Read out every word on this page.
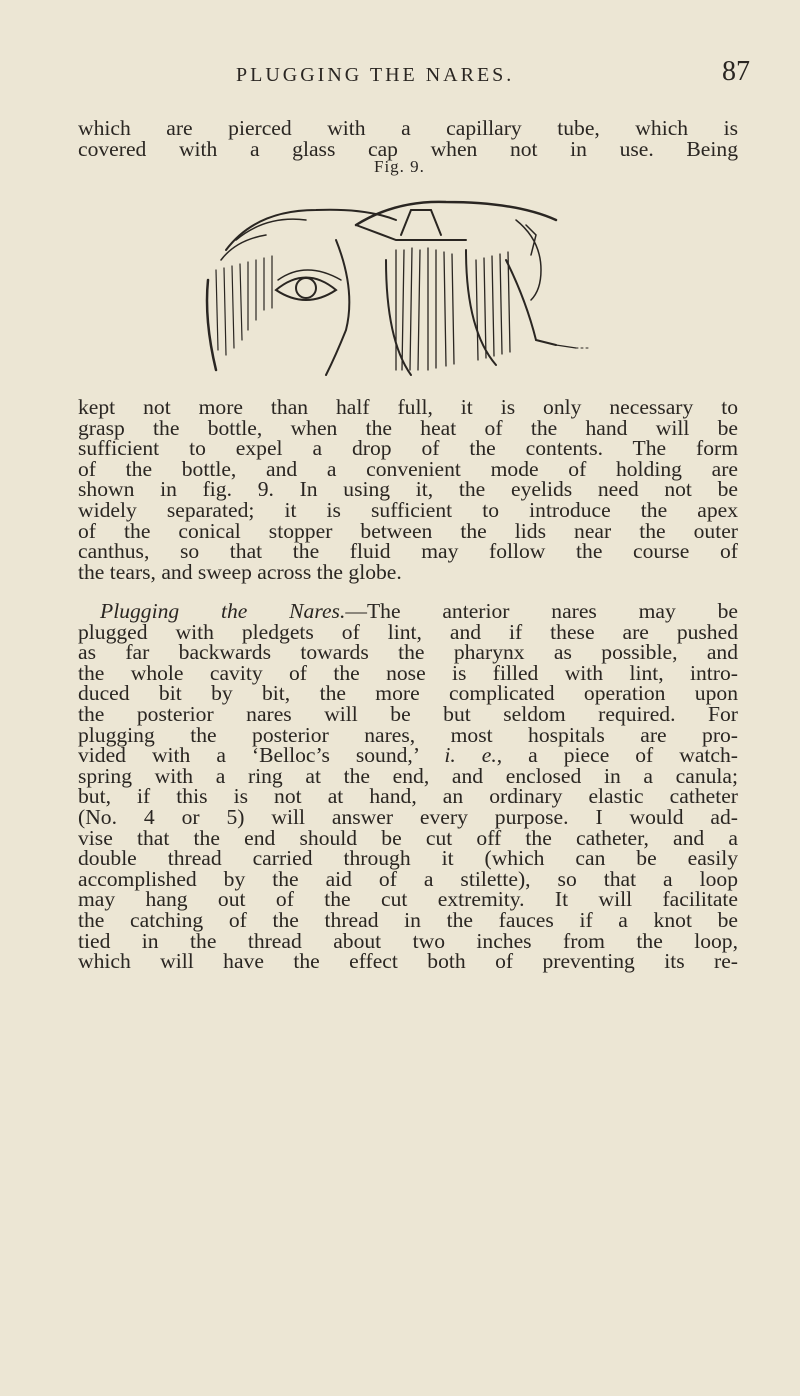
PLUGGING THE NARES.	87
which are pierced with a capillary tube, which is
covered with a glass cap when not in use. Being
Fig. 9.
kept not more than half full, it is only necessary to
grasp the bottle, when the heat of the hand will be
sufficient to expel a drop of the contents. The form
of the bottle, and a convenient mode of holding are
shown in fig. 9. In using it, the eyelids need not be
widely separated; it is sufficient to introduce the apex
of the conical stopper between the lids near the outer
canthus, so that the fluid may follow the course of
the tears, and sweep across the globe.
Plugging the Nares.—The anterior nares may be
plugged with pledgets of lint, and if these are pushed
as far backwards towards the pharynx as possible, and
the whole cavity of the nose is filled with lint, intro-
duced bit by bit, the more complicated operation upon
the posterior nares will be but seldom required. For
plugging the posterior nares, most hospitals are pro-
vided with a ‘Belloc’s sound,’ i. e., a piece of watch-
spring with a ring at the end, and enclosed in a canula;
but, if this is not at hand, an ordinary elastic catheter
(No. 4 or 5) will answer every purpose. I would ad-
vise that the end should be cut off the catheter, and a
double thread carried through it (which can be easily
accomplished by the aid of a stilette), so that a loop
may hang out of the cut extremity. It will facilitate
the catching of the thread in the fauces if a knot be
tied in the thread about two inches from the loop,
which will have the effect both of preventing its re-
